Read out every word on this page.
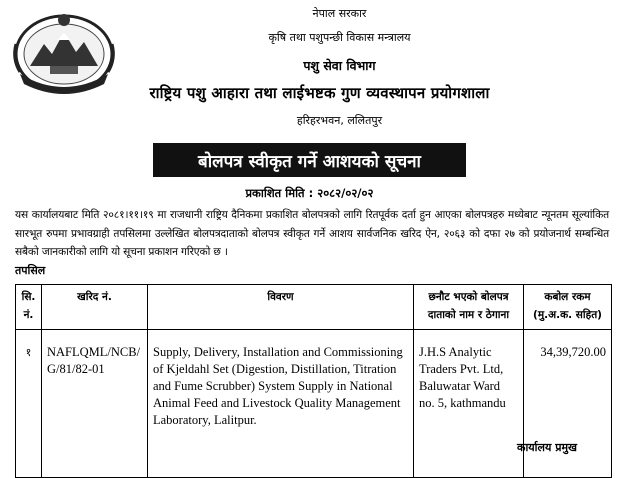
नेपाल सरकार
कृषि तथा पशुपन्छी विकास मन्त्रालय
पशु सेवा विभाग
राष्ट्रिय पशु आहारा तथा लाईभष्टक गुण व्यवस्थापन प्रयोगशाला
हरिहरभवन, ललितपुर
बोलपत्र स्वीकृत गर्ने आशयको सूचना
प्रकाशित मिति : २०८२/०२/०२
यस कार्यालयबाट मिति २०८१।११।१९ मा राजधानी राष्ट्रिय दैनिकमा प्रकाशित बोलपत्रको लागि रितपूर्वक दर्ता हुन आएका बोलपत्रहरु मध्येबाट न्यूनतम सूल्यांकित सारभूत रुपमा प्रभावग्राही तपसिलमा उल्लेखित बोलपत्रदाताको बोलपत्र स्वीकृत गर्ने आशय सार्वजनिक खरिद ऐन, २०६३ को दफा २७ को प्रयोजनार्थ सम्बन्धित सबैको जानकारीको लागि यो सूचना प्रकाशन गरिएको छ ।
तपसिल
सि. नं.	खरिद नं.	विवरण	छनौट भएको बोलपत्र दाताको नाम र ठेगाना	कबोल रकम (मु.अ.क. सहित)
१	NAFLQML/NCB/G/81/82-01	Supply, Delivery, Installation and Commissioning of Kjeldahl Set (Digestion, Distillation, Titration and Fume Scrubber) System Supply in National Animal Feed and Livestock Quality Management Laboratory, Lalitpur.	J.H.S Analytic Traders Pvt. Ltd, Baluwatar Ward no. 5, kathmandu	34,39,720.00
कार्यालय प्रमुख
